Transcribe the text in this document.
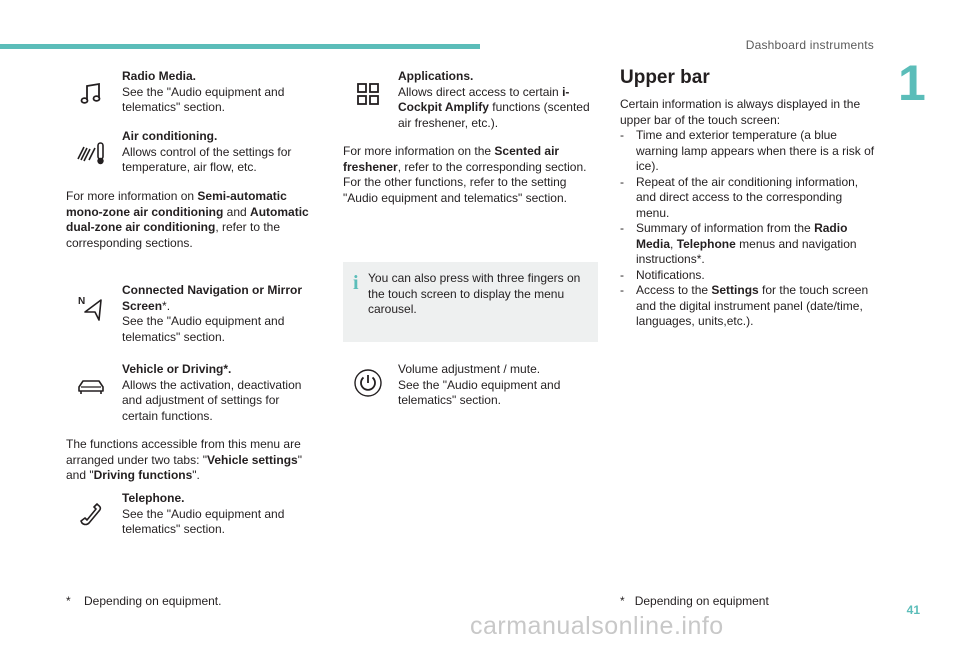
Dashboard instruments
1
Radio Media.
See the "Audio equipment and telematics" section.
Air conditioning.
Allows control of the settings for temperature, air flow, etc.
For more information on Semi-automatic mono-zone air conditioning and Automatic dual-zone air conditioning, refer to the corresponding sections.
N
Connected Navigation or Mirror Screen*.
See the "Audio equipment and telematics" section.
Vehicle or Driving*.
Allows the activation, deactivation and adjustment of settings for certain functions.
The functions accessible from this menu are arranged under two tabs: "Vehicle settings" and "Driving functions".
Telephone.
See the "Audio equipment and telematics" section.
* Depending on equipment.
Applications.
Allows direct access to certain i-Cockpit Amplify functions (scented air freshener, etc.).
For more information on the Scented air freshener, refer to the corresponding section. For the other functions, refer to the setting "Audio equipment and telematics" section.
i You can also press with three fingers on the touch screen to display the menu carousel.
Volume adjustment / mute.
See the "Audio equipment and telematics" section.
Upper bar
Certain information is always displayed in the upper bar of the touch screen:
-	Time and exterior temperature (a blue warning lamp appears when there is a risk of ice).
-	Repeat of the air conditioning information, and direct access to the corresponding menu.
-	Summary of information from the Radio Media, Telephone menus and navigation instructions*.
-	Notifications.
-	Access to the Settings for the touch screen and the digital instrument panel (date/time, languages, units,etc.).
* Depending on equipment
41
carmanualsonline.info
